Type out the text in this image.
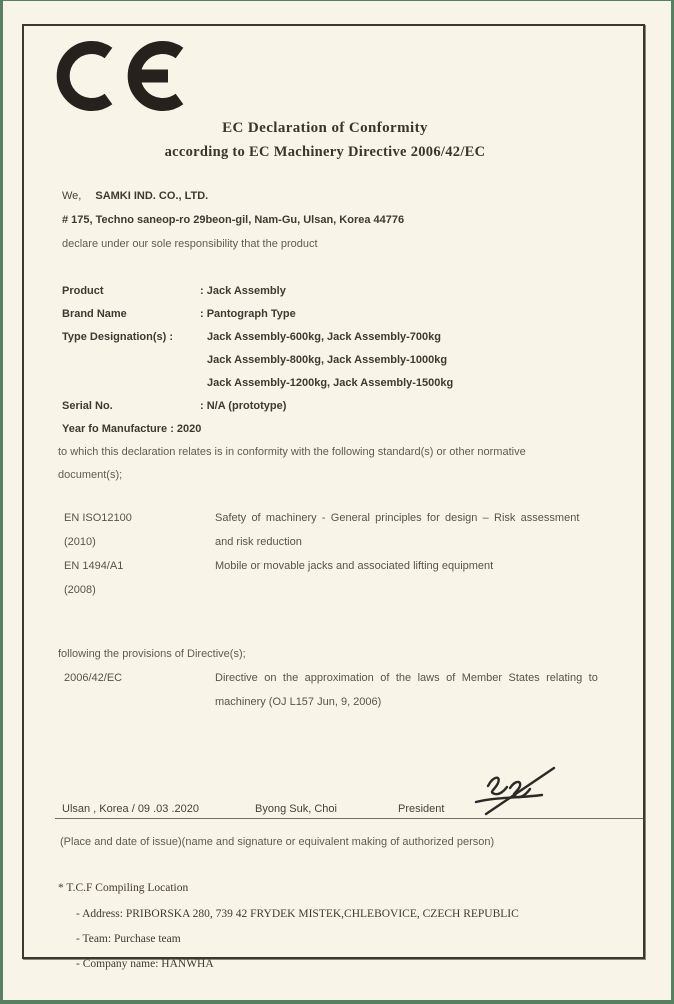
EC Declaration of Conformity
according to EC Machinery Directive 2006/42/EC
We, SAMKI IND. CO., LTD.
# 175, Techno saneop-ro 29beon-gil, Nam-Gu, Ulsan, Korea 44776
declare under our sole responsibility that the product
Product	: Jack Assembly
Brand Name	: Pantograph Type
Type Designation(s) :	Jack Assembly-600kg, Jack Assembly-700kg
Jack Assembly-800kg, Jack Assembly-1000kg
Jack Assembly-1200kg, Jack Assembly-1500kg
Serial No.	: N/A (prototype)
Year fo Manufacture : 2020
to which this declaration relates is in conformity with the following standard(s) or other normative
document(s);
EN ISO12100	Safety of machinery - General principles for design – Risk assessment
(2010)	and risk reduction
EN 1494/A1	Mobile or movable jacks and associated lifting equipment
(2008)
following the provisions of Directive(s);
2006/42/EC	Directive on the approximation of the laws of Member States relating to
machinery (OJ L157 Jun, 9, 2006)
Ulsan , Korea / 09 .03 .2020	Byong Suk, Choi	President
(Place and date of issue)(name and signature or equivalent making of authorized person)
* T.C.F Compiling Location
- Address: PRIBORSKA 280, 739 42 FRYDEK MISTEK,CHLEBOVICE, CZECH REPUBLIC
- Team: Purchase team
- Company name: HANWHA
